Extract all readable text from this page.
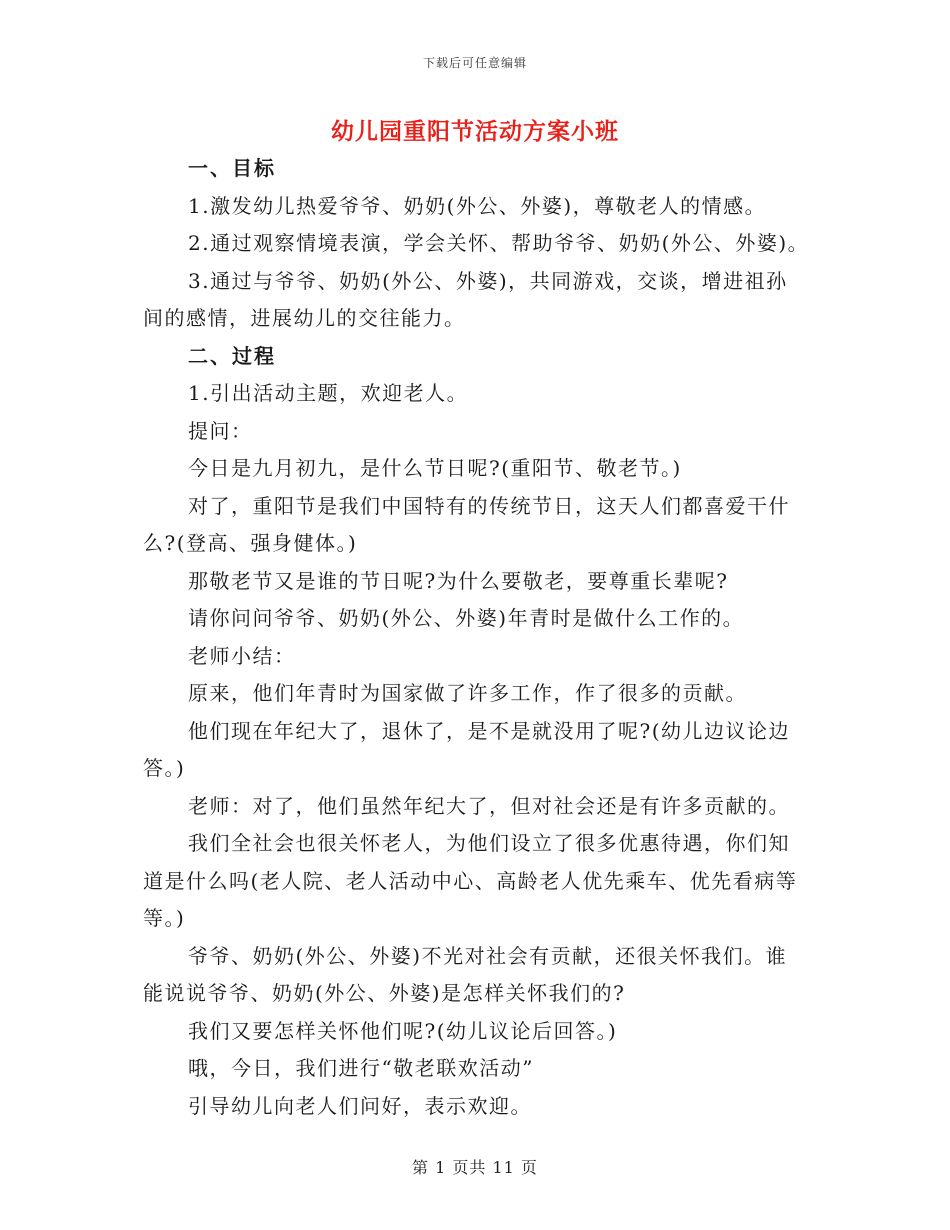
下载后可任意编辑
幼儿园重阳节活动方案小班
一、目标
1.激发幼儿热爱爷爷、奶奶(外公、外婆)，尊敬老人的情感。
2.通过观察情境表演，学会关怀、帮助爷爷、奶奶(外公、外婆)。
3.通过与爷爷、奶奶(外公、外婆)，共同游戏，交谈，增进祖孙
间的感情，进展幼儿的交往能力。
二、过程
1.引出活动主题，欢迎老人。
提问：
今日是九月初九，是什么节日呢?(重阳节、敬老节。)
对了，重阳节是我们中国特有的传统节日，这天人们都喜爱干什
么?(登高、强身健体。)
那敬老节又是谁的节日呢?为什么要敬老，要尊重长辈呢?
请你问问爷爷、奶奶(外公、外婆)年青时是做什么工作的。
老师小结：
原来，他们年青时为国家做了许多工作，作了很多的贡献。
他们现在年纪大了，退休了，是不是就没用了呢?(幼儿边议论边
答。)
老师：对了，他们虽然年纪大了，但对社会还是有许多贡献的。
我们全社会也很关怀老人，为他们设立了很多优惠待遇，你们知
道是什么吗(老人院、老人活动中心、高龄老人优先乘车、优先看病等
等。)
爷爷、奶奶(外公、外婆)不光对社会有贡献，还很关怀我们。谁
能说说爷爷、奶奶(外公、外婆)是怎样关怀我们的?
我们又要怎样关怀他们呢?(幼儿议论后回答。)
哦，今日，我们进行“敬老联欢活动”
引导幼儿向老人们问好，表示欢迎。
第 1 页共 11 页
